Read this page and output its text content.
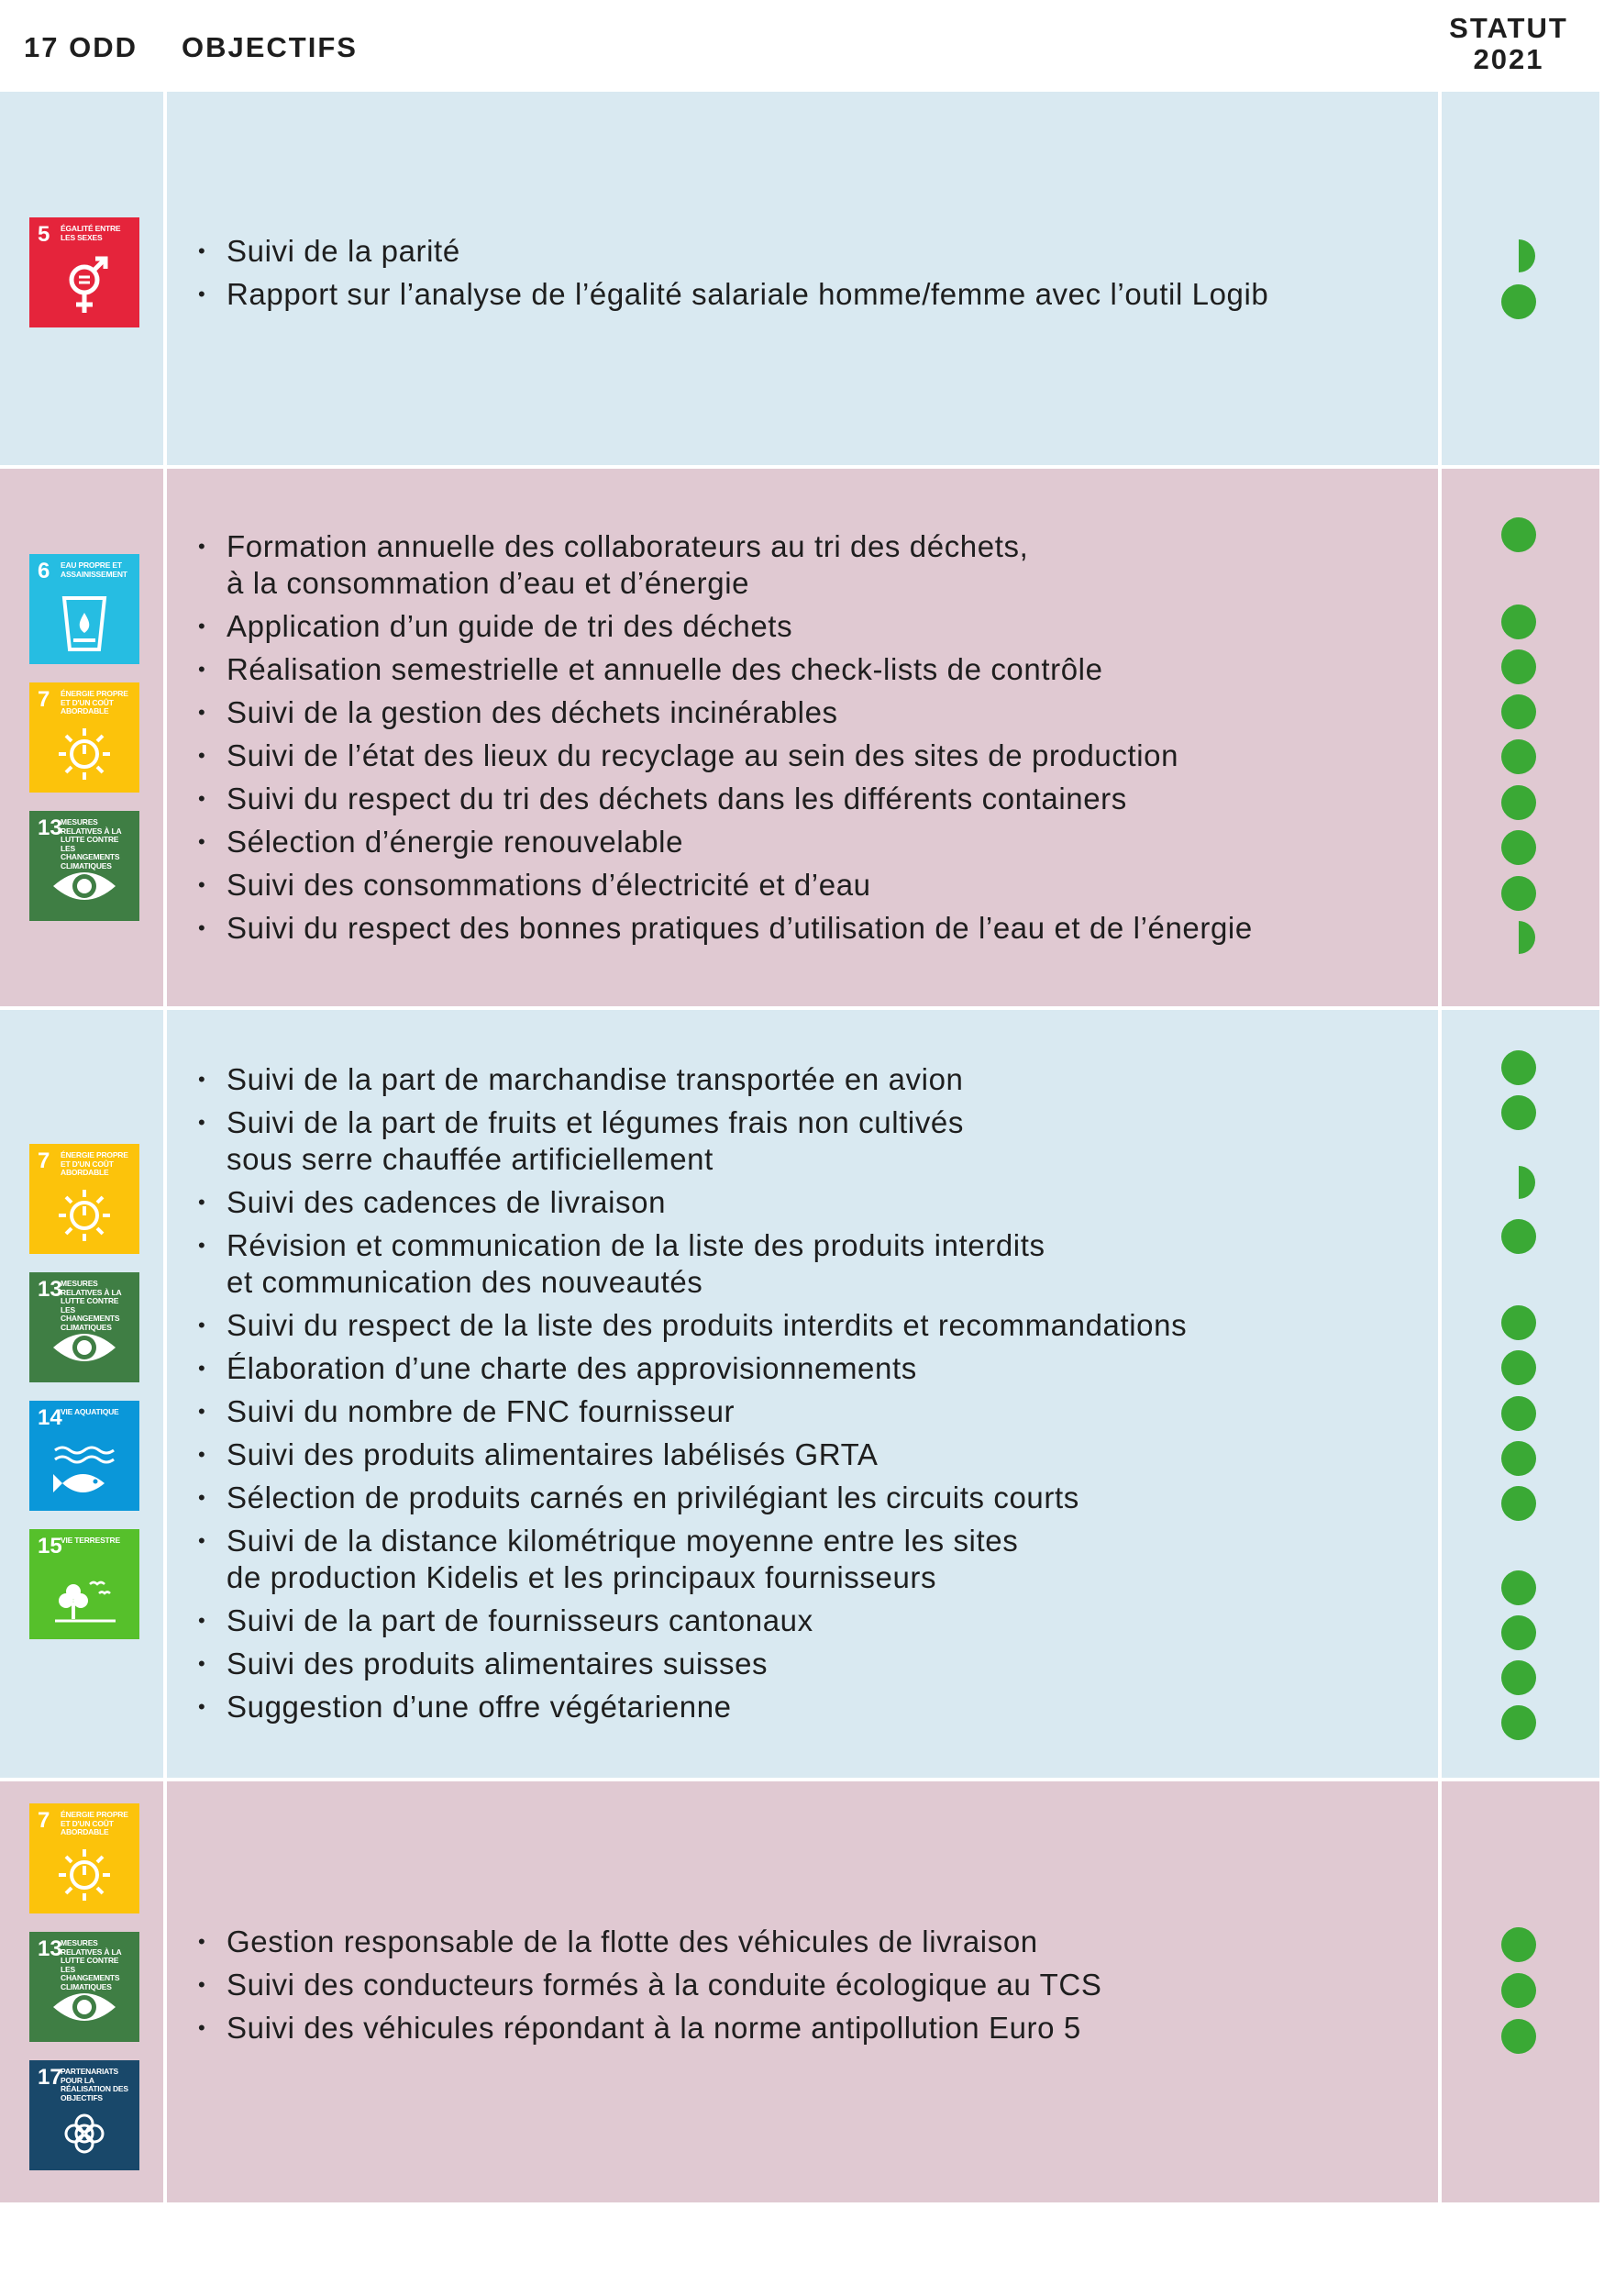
17 ODD OBJECTIFS
STATUT
2021
5 ÉGALITÉ ENTRE LES SEXES
•	Suivi de la parité
• Rapport sur l’analyse de l’égalité salariale homme/femme avec l’outil Logib
6 EAU PROPRE ET ASSAINISSEMENT
7 ÉNERGIE PROPRE ET D'UN COÛT ABORDABLE
13
MESURES RELATIVES À LA LUTTE CONTRE LES CHANGEMENTS CLIMATIQUES
• Formation annuelle des collaborateurs au tri des déchets,
à la consommation d’eau et d’énergie
• Application d’un guide de tri des déchets
• Réalisation semestrielle et annuelle des check-lists de contrôle
• Suivi de la gestion des déchets incinérables
• Suivi de l’état des lieux du recyclage au sein des sites de production
• Suivi du respect du tri des déchets dans les différents containers
• Sélection d’énergie renouvelable
• Suivi des consommations d’électricité et d’eau
• Suivi du respect des bonnes pratiques d’utilisation de l’eau et de l’énergie
7 ÉNERGIE PROPRE ET D'UN COÛT ABORDABLE
13
MESURES RELATIVES À LA LUTTE CONTRE LES CHANGEMENTS CLIMATIQUES
14
VIE AQUATIQUE
15
VIE TERRESTRE
• Suivi de la part de marchandise transportée en avion
• Suivi de la part de fruits et légumes frais non cultivés
sous serre chauffée artificiellement
• Suivi des cadences de livraison
• Révision et communication de la liste des produits interdits
et communication des nouveautés
• Suivi du respect de la liste des produits interdits et recommandations
• Élaboration d’une charte des approvisionnements
• Suivi du nombre de FNC fournisseur
• Suivi des produits alimentaires labélisés GRTA
• Sélection de produits carnés en privilégiant les circuits courts
• Suivi de la distance kilométrique moyenne entre les sites
de production Kidelis et les principaux fournisseurs
• Suivi de la part de fournisseurs cantonaux
• Suivi des produits alimentaires suisses
• Suggestion d’une offre végétarienne
7 ÉNERGIE PROPRE ET D'UN COÛT ABORDABLE
13
MESURES RELATIVES À LA LUTTE CONTRE LES CHANGEMENTS CLIMATIQUES
17
PARTENARIATS POUR LA RÉALISATION DES OBJECTIFS
• Gestion responsable de la flotte des véhicules de livraison
• Suivi des conducteurs formés à la conduite écologique au TCS
• Suivi des véhicules répondant à la norme antipollution Euro 5
